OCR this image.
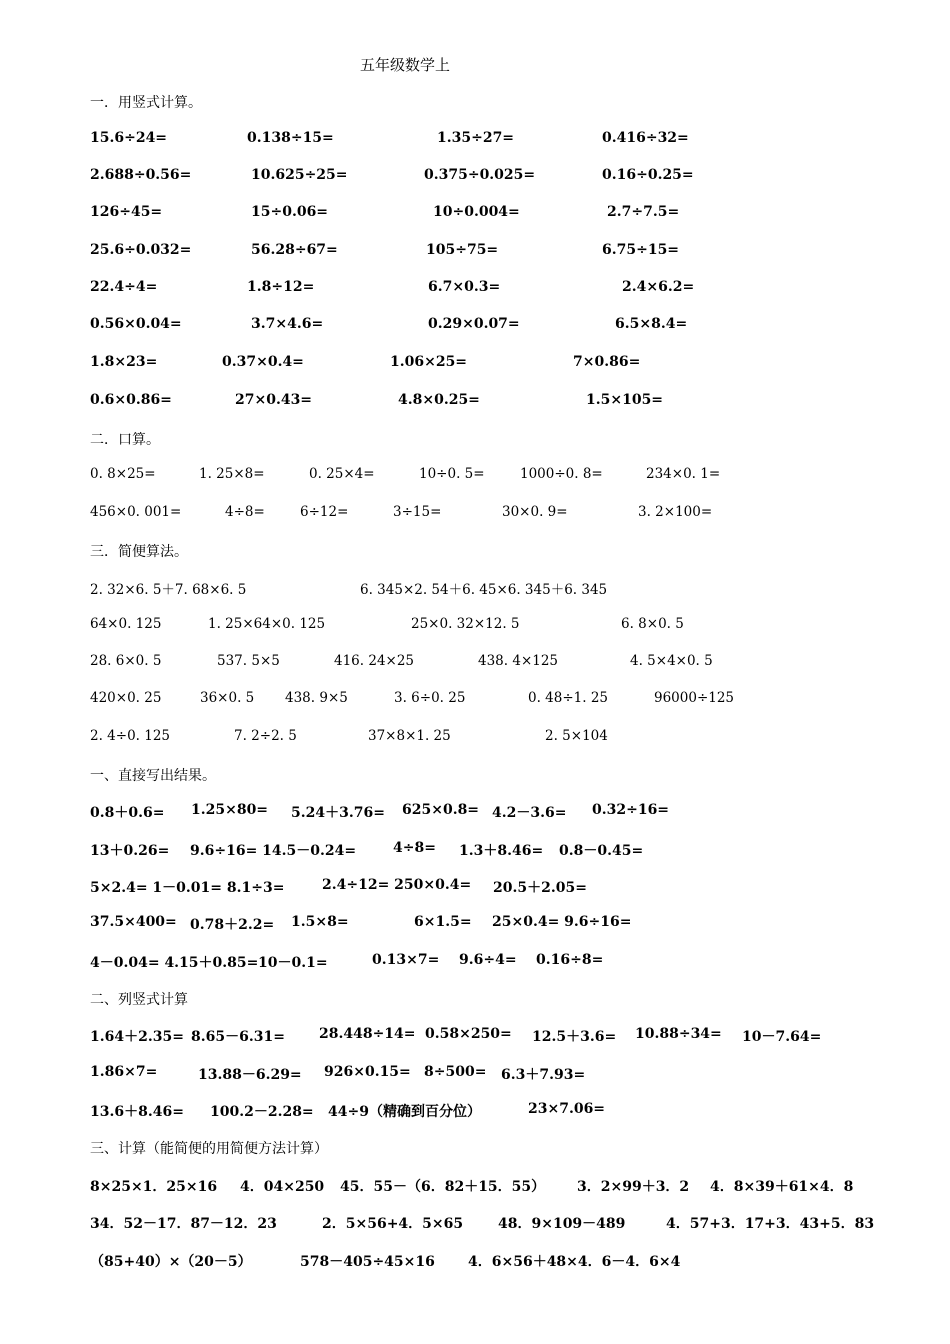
五年级数学上
一．用竖式计算。
15.6÷24=	0.138÷15=	1.35÷27=	0.416÷32=
2.688÷0.56=	10.625÷25=	0.375÷0.025=	0.16÷0.25=
126÷45=	15÷0.06=	10÷0.004=	2.7÷7.5=
25.6÷0.032=	56.28÷67=	105÷75=	6.75÷15=
22.4÷4=	1.8÷12=	6.7×0.3=	2.4×6.2=
0.56×0.04=	3.7×4.6=	0.29×0.07=	6.5×8.4=
1.8×23=	0.37×0.4=	1.06×25=	7×0.86=
0.6×0.86=	27×0.43=	4.8×0.25=	1.5×105=
二．口算。
0. 8×25=	1. 25×8=	0. 25×4=	10÷0. 5=	1000÷0. 8=	234×0. 1=
456×0. 001=	4÷8=	6÷12=	3÷15=	30×0. 9=	3. 2×100=
三．简便算法。
2. 32×6. 5＋7. 68×6. 5	6. 345×2. 54＋6. 45×6. 345＋6. 345
64×0. 125	1. 25×64×0. 125	25×0. 32×12. 5	6. 8×0. 5
28. 6×0. 5	537. 5×5	416. 24×25	438. 4×125	4. 5×4×0. 5
420×0. 25	36×0. 5 438. 9×5	3. 6÷0. 25	0. 48÷1. 25	96000÷125
2. 4÷0. 125	7. 2÷2. 5	37×8×1. 25	2. 5×104
一、直接写出结果。
0.8＋0.6= 1.25×80= 5.24＋3.76= 625×0.8= 4.2－3.6= 0.32÷16=
13＋0.26= 9.6÷16= 14.5－0.24=	4÷8= 1.3＋8.46= 0.8－0.45=
5×2.4= 1－0.01= 8.1÷3=	2.4÷12= 250×0.4= 20.5＋2.05=
37.5×400= 0.78＋2.2= 1.5×8=	6×1.5= 25×0.4= 9.6÷16=
4－0.04= 4.15＋0.85= 10－0.1=	0.13×7= 9.6÷4= 0.16÷8=
二、列竖式计算
1.64＋2.35= 8.65－6.31= 28.448÷14= 0.58×250= 12.5＋3.6= 10.88÷34= 10－7.64=
1.86×7=	13.88－6.29= 926×0.15= 8÷500= 6.3＋7.93=
13.6＋8.46= 100.2－2.28= 44÷9（精确到百分位）	23×7.06=
三、计算（能简便的用简便方法计算）
8×25×1．25×16 4．04×250 45．55－（6．82＋15．55） 3．2×99＋3．2 4．8×39＋61×4．8
34．52－17．87－12．23	2．5×56+4．5×65 48．9×109－489	4．57+3．17+3．43+5．83
（85+40）×（20－5）	578－405÷45×16 4．6×56＋48×4．6－4．6×4
